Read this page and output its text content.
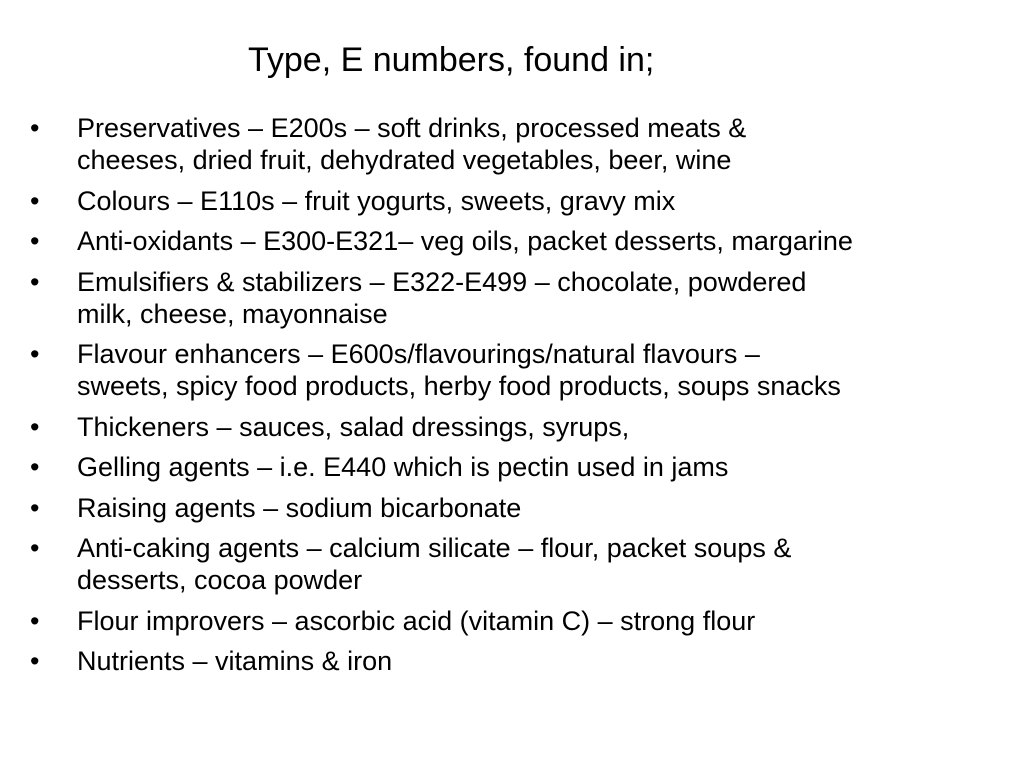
Type, E numbers, found in;
•	Preservatives – E200s – soft drinks, processed meats &
cheeses, dried fruit, dehydrated vegetables, beer, wine
•	Colours – E110s – fruit yogurts, sweets, gravy mix
•	Anti-oxidants – E300-E321– veg oils, packet desserts, margarine
•	Emulsifiers & stabilizers – E322-E499 – chocolate, powdered
milk, cheese, mayonnaise
•	Flavour enhancers – E600s/flavourings/natural flavours –
sweets, spicy food products, herby food products, soups snacks
•	Thickeners – sauces, salad dressings, syrups,
•	Gelling agents – i.e. E440 which is pectin used in jams
•	Raising agents – sodium bicarbonate
•	Anti-caking agents – calcium silicate – flour, packet soups &
desserts, cocoa powder
•	Flour improvers – ascorbic acid (vitamin C) – strong flour
•	Nutrients – vitamins & iron
